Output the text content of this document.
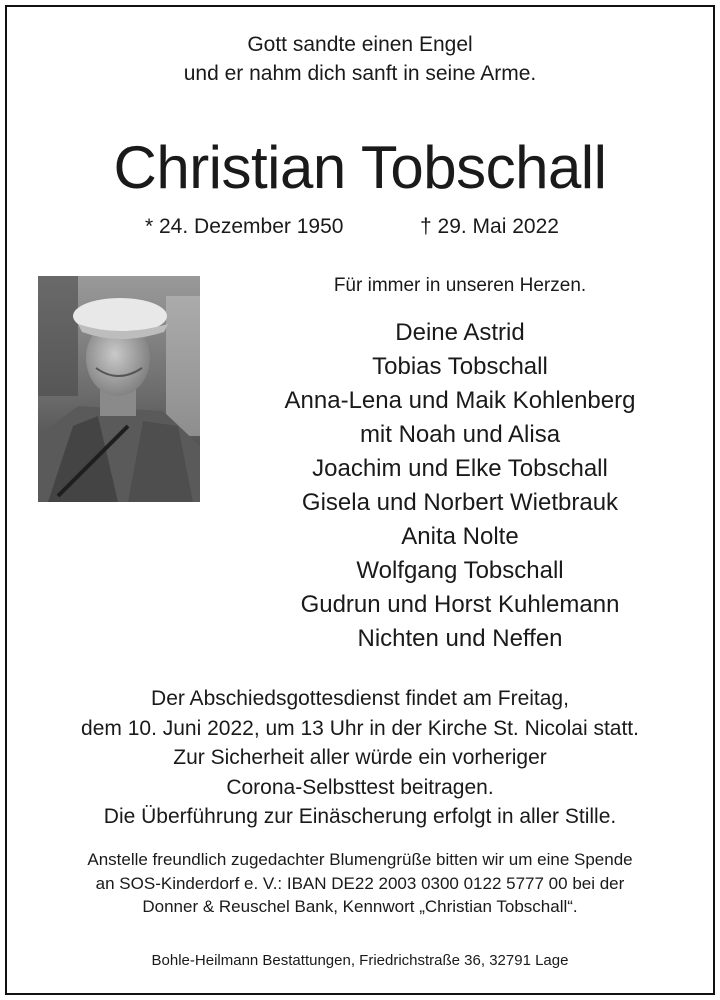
Gott sandte einen Engel
und er nahm dich sanft in seine Arme.
Christian Tobschall
* 24. Dezember 1950	† 29. Mai 2022
Für immer in unseren Herzen.
Deine Astrid
Tobias Tobschall
Anna-Lena und Maik Kohlenberg
mit Noah und Alisa
Joachim und Elke Tobschall
Gisela und Norbert Wietbrauk
Anita Nolte
Wolfgang Tobschall
Gudrun und Horst Kuhlemann
Nichten und Neffen
Der Abschiedsgottesdienst findet am Freitag,
dem 10. Juni 2022, um 13 Uhr in der Kirche St. Nicolai statt.
Zur Sicherheit aller würde ein vorheriger
Corona-Selbsttest beitragen.
Die Überführung zur Einäscherung erfolgt in aller Stille.
Anstelle freundlich zugedachter Blumengrüße bitten wir um eine Spende
an SOS-Kinderdorf e. V.: IBAN DE22 2003 0300 0122 5777 00 bei der
Donner & Reuschel Bank, Kennwort „Christian Tobschall“.
Bohle-Heilmann Bestattungen, Friedrichstraße 36, 32791 Lage
